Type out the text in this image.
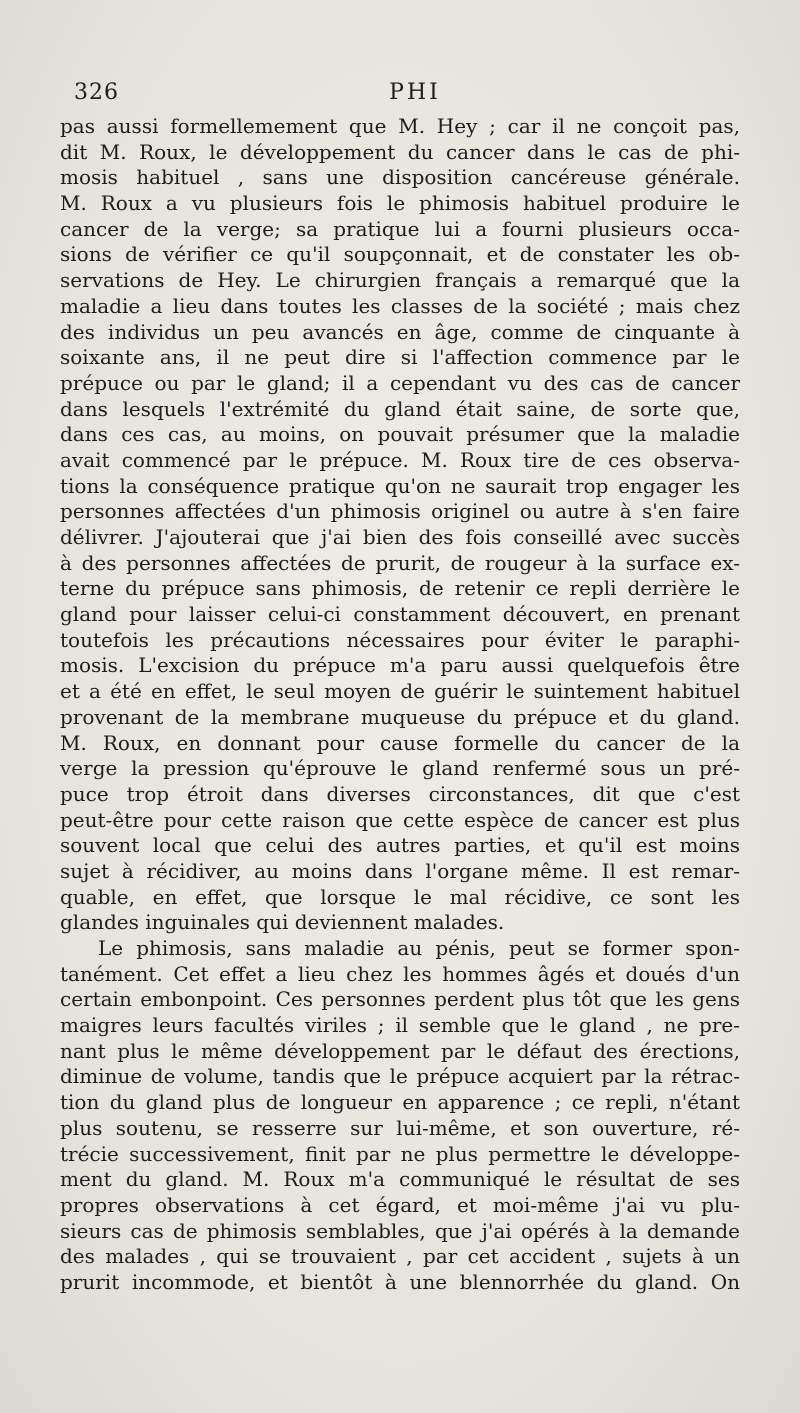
326	PHI
pas aussi formellemement que M. Hey ; car il ne conçoit pas,
dit M. Roux, le développement du cancer dans le cas de phi-
mosis habituel , sans une disposition cancéreuse générale.
M. Roux a vu plusieurs fois le phimosis habituel produire le
cancer de la verge; sa pratique lui a fourni plusieurs occa-
sions de vérifier ce qu'il soupçonnait, et de constater les ob-
servations de Hey. Le chirurgien français a remarqué que la
maladie a lieu dans toutes les classes de la société ; mais chez
des individus un peu avancés en âge, comme de cinquante à
soixante ans, il ne peut dire si l'affection commence par le
prépuce ou par le gland; il a cependant vu des cas de cancer
dans lesquels l'extrémité du gland était saine, de sorte que,
dans ces cas, au moins, on pouvait présumer que la maladie
avait commencé par le prépuce. M. Roux tire de ces observa-
tions la conséquence pratique qu'on ne saurait trop engager les
personnes affectées d'un phimosis originel ou autre à s'en faire
délivrer. J'ajouterai que j'ai bien des fois conseillé avec succès
à des personnes affectées de prurit, de rougeur à la surface ex-
terne du prépuce sans phimosis, de retenir ce repli derrière le
gland pour laisser celui-ci constamment découvert, en prenant
toutefois les précautions nécessaires pour éviter le paraphi-
mosis. L'excision du prépuce m'a paru aussi quelquefois être
et a été en effet, le seul moyen de guérir le suintement habituel
provenant de la membrane muqueuse du prépuce et du gland.
M. Roux, en donnant pour cause formelle du cancer de la
verge la pression qu'éprouve le gland renfermé sous un pré-
puce trop étroit dans diverses circonstances, dit que c'est
peut-être pour cette raison que cette espèce de cancer est plus
souvent local que celui des autres parties, et qu'il est moins
sujet à récidiver, au moins dans l'organe même. Il est remar-
quable, en effet, que lorsque le mal récidive, ce sont les
glandes inguinales qui deviennent malades.
Le phimosis, sans maladie au pénis, peut se former spon-
tanément. Cet effet a lieu chez les hommes âgés et doués d'un
certain embonpoint. Ces personnes perdent plus tôt que les gens
maigres leurs facultés viriles ; il semble que le gland , ne pre-
nant plus le même développement par le défaut des érections,
diminue de volume, tandis que le prépuce acquiert par la rétrac-
tion du gland plus de longueur en apparence ; ce repli, n'étant
plus soutenu, se resserre sur lui-même, et son ouverture, ré-
trécie successivement, finit par ne plus permettre le développe-
ment du gland. M. Roux m'a communiqué le résultat de ses
propres observations à cet égard, et moi-même j'ai vu plu-
sieurs cas de phimosis semblables, que j'ai opérés à la demande
des malades , qui se trouvaient , par cet accident , sujets à un
prurit incommode, et bientôt à une blennorrhée du gland. On
